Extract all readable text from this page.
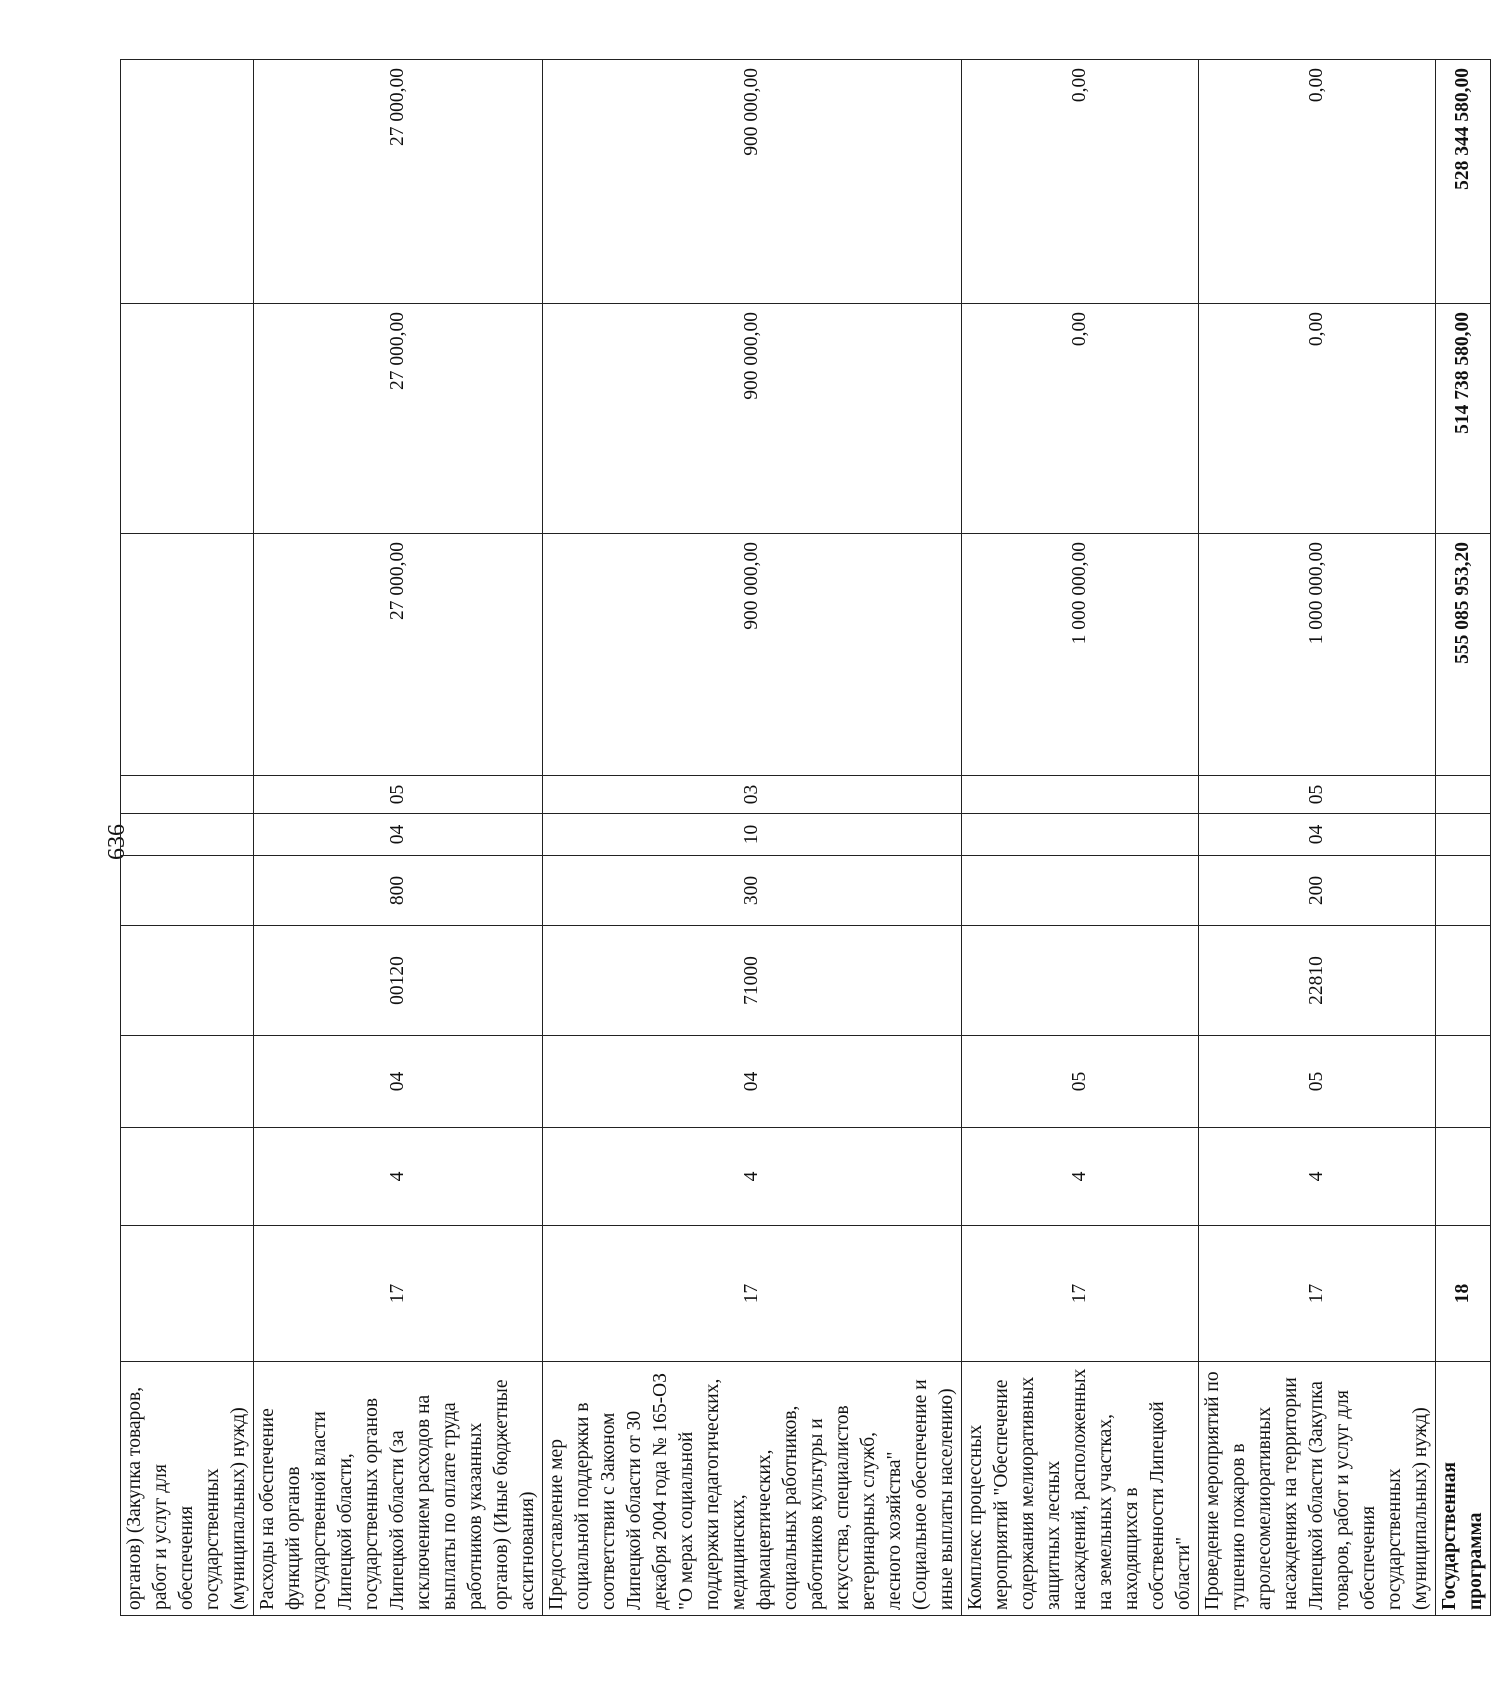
636
органов) (Закупка товаров, работ и услуг для обеспечения государственных (муниципальных) нужд)										
Расходы на обеспечение функций органов государственной власти Липецкой области, государственных органов Липецкой области (за исключением расходов на выплаты по оплате труда работников указанных органов) (Иные бюджетные ассигнования)	17	4	04	00120	800	04	05	27 000,00	27 000,00	27 000,00
Предоставление мер социальной поддержки в соответствии с Законом Липецкой области от 30 декабря 2004 года № 165-ОЗ "О мерах социальной поддержки педагогических, медицинских, фармацевтических, социальных работников, работников культуры и искусства, специалистов ветеринарных служб, лесного хозяйства" (Социальное обеспечение и иные выплаты населению)	17	4	04	71000	300	10	03	900 000,00	900 000,00	900 000,00
Комплекс процессных мероприятий "Обеспечение содержания мелиоративных защитных лесных насаждений, расположенных на земельных участках, находящихся в собственности Липецкой области"	17	4	05					1 000 000,00	0,00	0,00
Проведение мероприятий по тушению пожаров в агролесомелиоративных насаждениях на территории Липецкой области (Закупка товаров, работ и услуг для обеспечения государственных (муниципальных) нужд)	17	4	05	22810	200	04	05	1 000 000,00	0,00	0,00
Государственная программа	18							555 085 953,20	514 738 580,00	528 344 580,00
